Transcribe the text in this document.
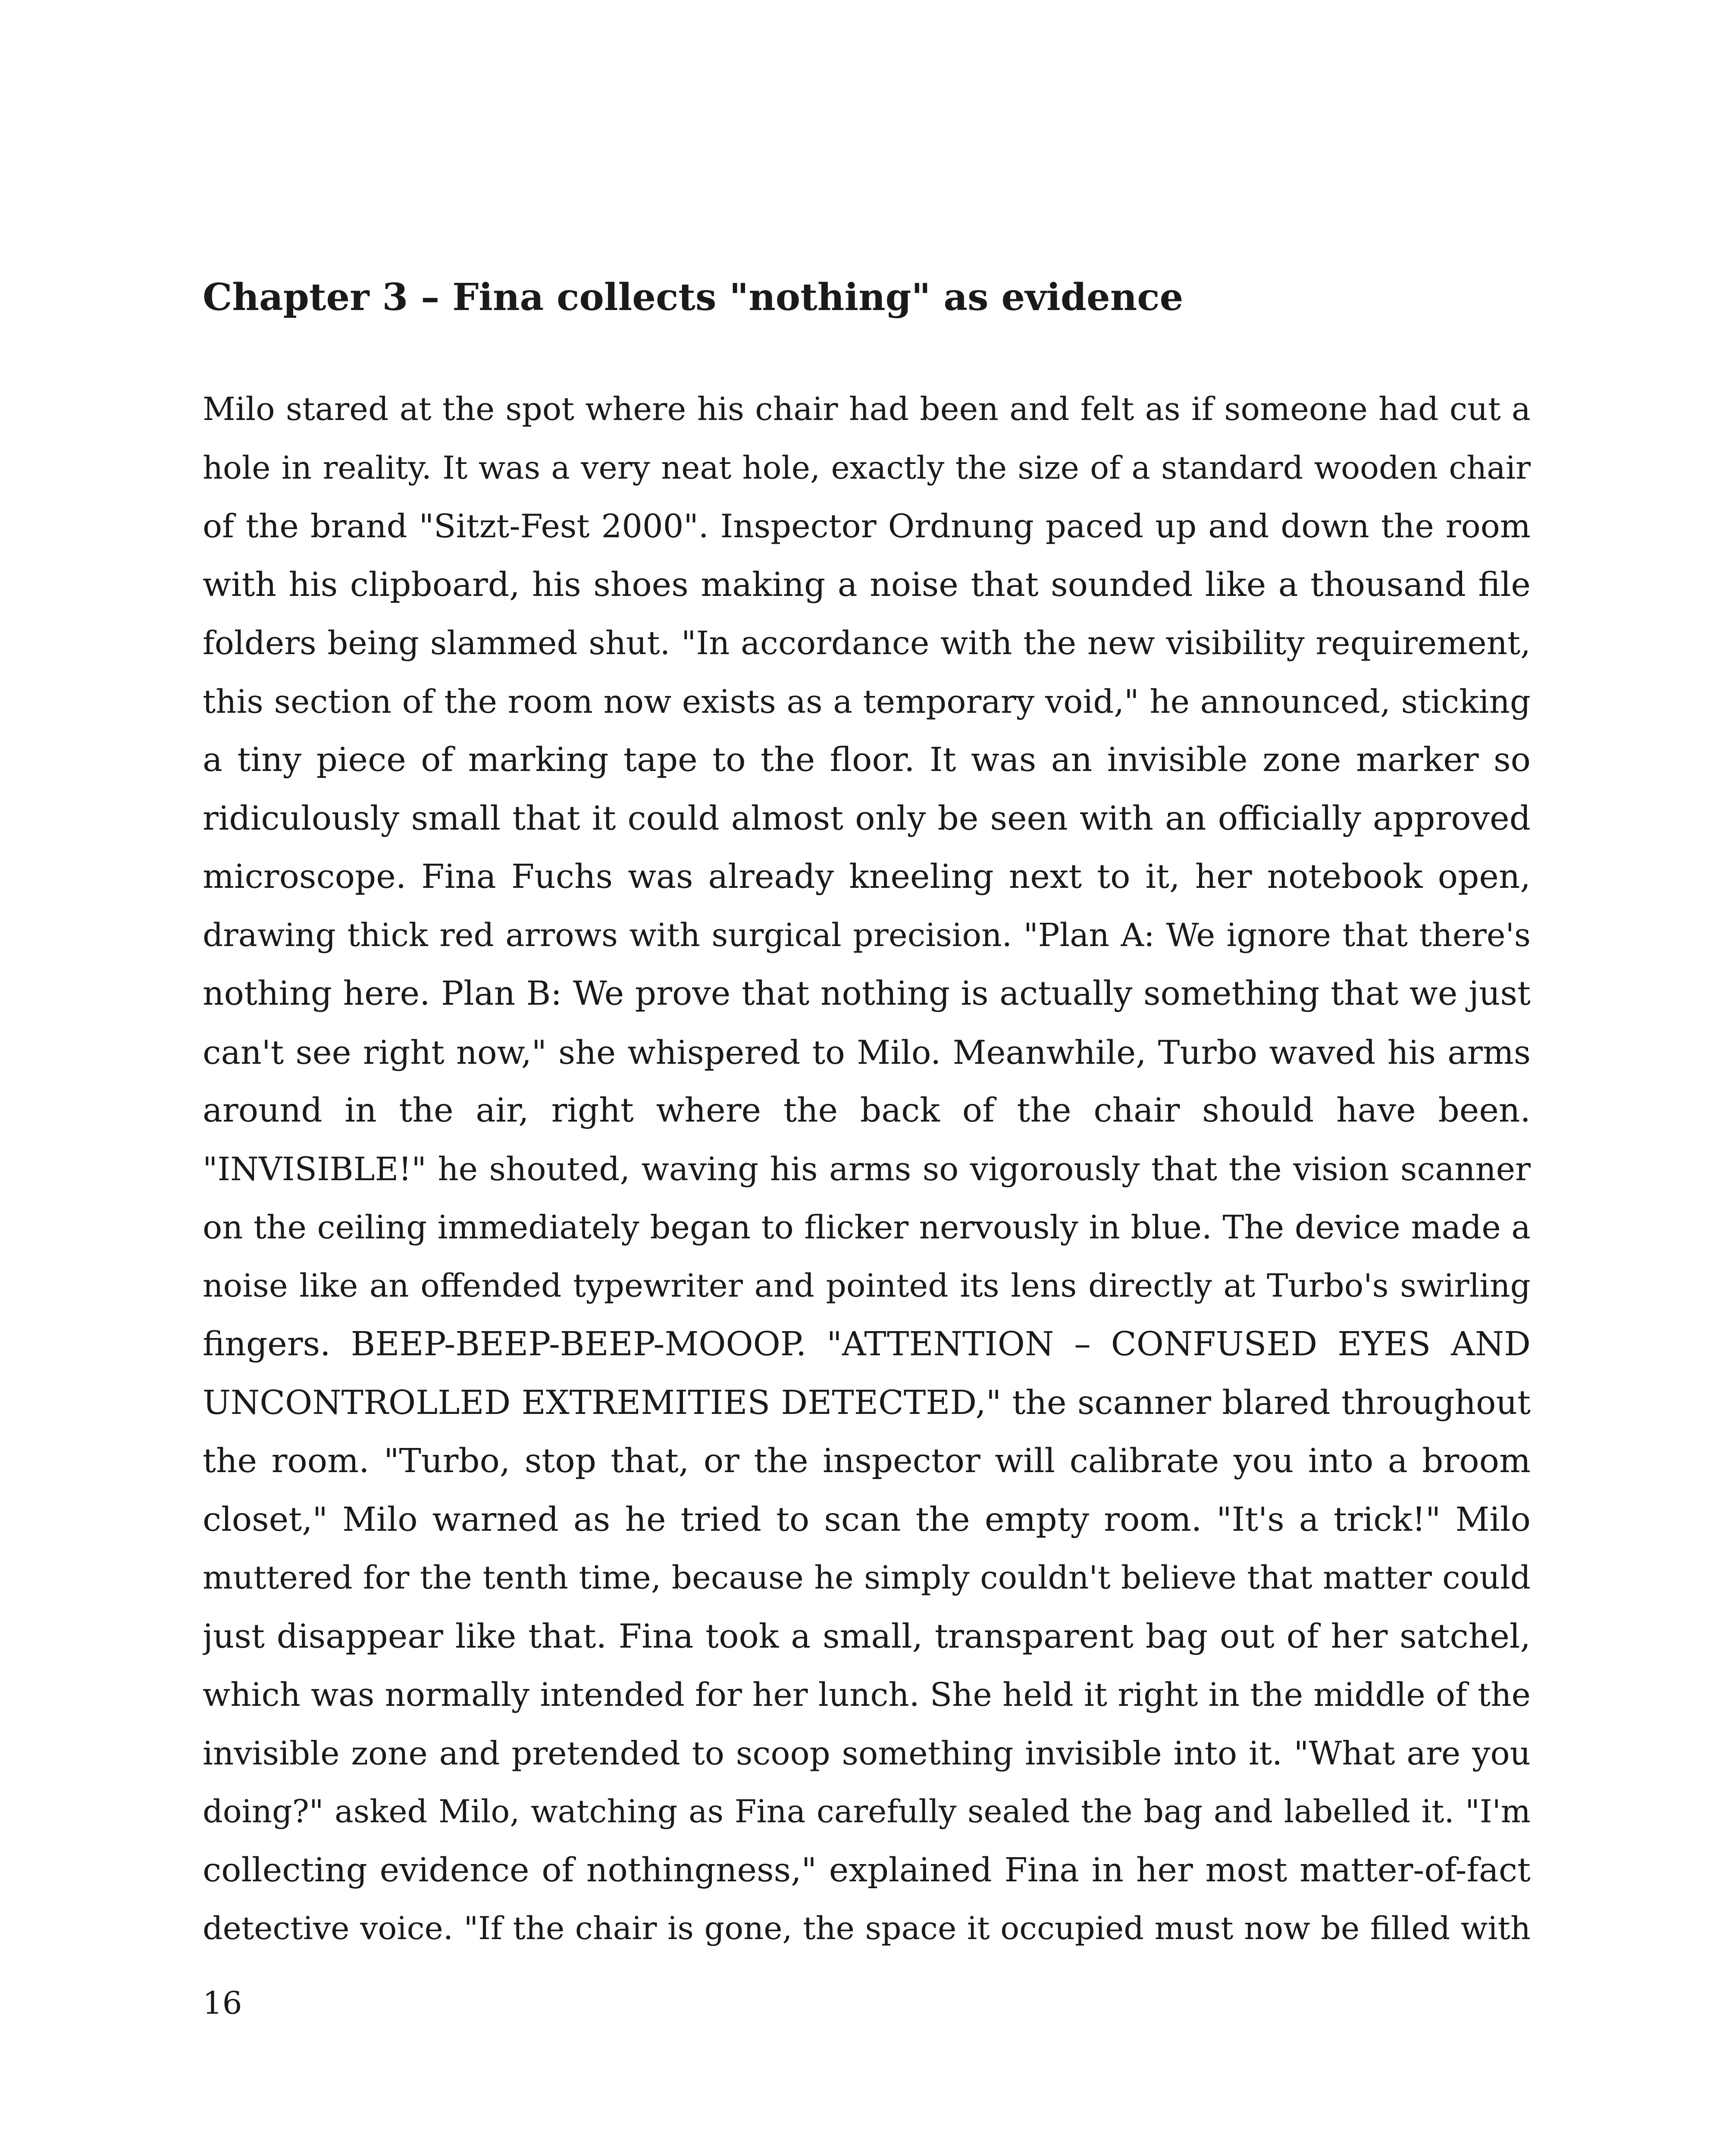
Chapter 3 – Fina collects "nothing" as evidence
Milo stared at the spot where his chair had been and felt as if someone had cut a
hole in reality. It was a very neat hole, exactly the size of a standard wooden chair
of the brand "Sitzt-Fest 2000". Inspector Ordnung paced up and down the room
with his clipboard, his shoes making a noise that sounded like a thousand file
folders being slammed shut. "In accordance with the new visibility requirement,
this section of the room now exists as a temporary void," he announced, sticking
a tiny piece of marking tape to the floor. It was an invisible zone marker so
ridiculously small that it could almost only be seen with an officially approved
microscope. Fina Fuchs was already kneeling next to it, her notebook open,
drawing thick red arrows with surgical precision. "Plan A: We ignore that there's
nothing here. Plan B: We prove that nothing is actually something that we just
can't see right now," she whispered to Milo. Meanwhile, Turbo waved his arms
around in the air, right where the back of the chair should have been.
"INVISIBLE!" he shouted, waving his arms so vigorously that the vision scanner
on the ceiling immediately began to flicker nervously in blue. The device made a
noise like an offended typewriter and pointed its lens directly at Turbo's swirling
fingers. BEEP-BEEP-BEEP-MOOOP. "ATTENTION – CONFUSED EYES AND
UNCONTROLLED EXTREMITIES DETECTED," the scanner blared throughout
the room. "Turbo, stop that, or the inspector will calibrate you into a broom
closet," Milo warned as he tried to scan the empty room. "It's a trick!" Milo
muttered for the tenth time, because he simply couldn't believe that matter could
just disappear like that. Fina took a small, transparent bag out of her satchel,
which was normally intended for her lunch. She held it right in the middle of the
invisible zone and pretended to scoop something invisible into it. "What are you
doing?" asked Milo, watching as Fina carefully sealed the bag and labelled it. "I'm
collecting evidence of nothingness," explained Fina in her most matter-of-fact
detective voice. "If the chair is gone, the space it occupied must now be filled with

16
